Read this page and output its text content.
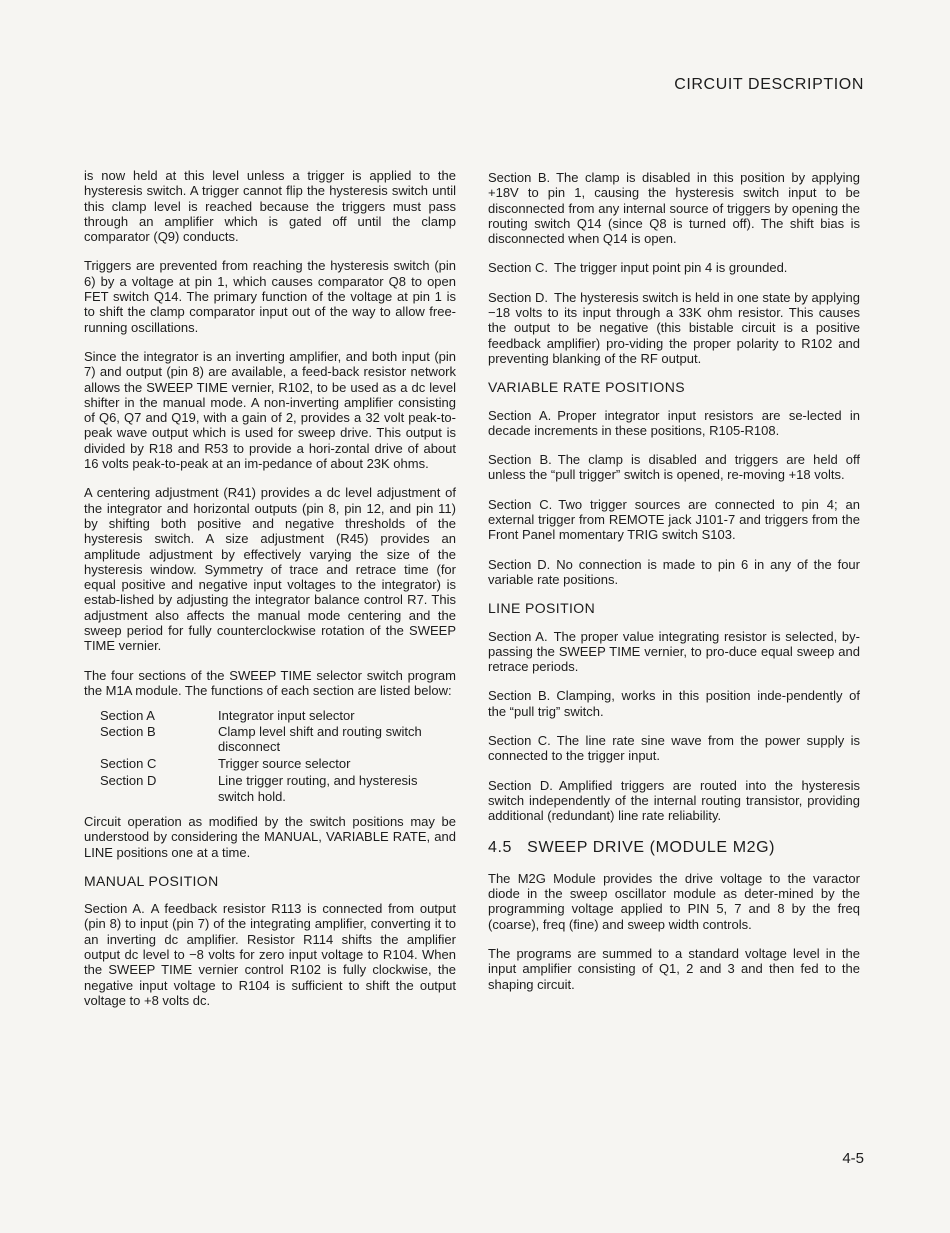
CIRCUIT DESCRIPTION

is now held at this level unless a trigger is applied to the hysteresis switch. A trigger cannot flip the hysteresis switch until this clamp level is reached because the triggers must pass through an amplifier which is gated off until the clamp comparator (Q9) conducts.

Triggers are prevented from reaching the hysteresis switch (pin 6) by a voltage at pin 1, which causes comparator Q8 to open FET switch Q14. The primary function of the voltage at pin 1 is to shift the clamp comparator input out of the way to allow free-running oscillations.

Since the integrator is an inverting amplifier, and both input (pin 7) and output (pin 8) are available, a feed-back resistor network allows the SWEEP TIME vernier, R102, to be used as a dc level shifter in the manual mode. A non-inverting amplifier consisting of Q6, Q7 and Q19, with a gain of 2, provides a 32 volt peak-to-peak wave output which is used for sweep drive. This output is divided by R18 and R53 to provide a hori-zontal drive of about 16 volts peak-to-peak at an im-pedance of about 23K ohms.

A centering adjustment (R41) provides a dc level adjustment of the integrator and horizontal outputs (pin 8, pin 12, and pin 11) by shifting both positive and negative thresholds of the hysteresis switch. A size adjustment (R45) provides an amplitude adjustment by effectively varying the size of the hysteresis window. Symmetry of trace and retrace time (for equal positive and negative input voltages to the integrator) is estab-lished by adjusting the integrator balance control R7. This adjustment also affects the manual mode centering and the sweep period for fully counterclockwise rotation of the SWEEP TIME vernier.

The four sections of the SWEEP TIME selector switch program the M1A module. The functions of each section are listed below:

Section A	Integrator input selector
Section B	Clamp level shift and routing switch disconnect
Section C	Trigger source selector
Section D	Line trigger routing, and hysteresis switch hold.

Circuit operation as modified by the switch positions may be understood by considering the MANUAL, VARIABLE RATE, and LINE positions one at a time.

MANUAL POSITION

Section A. A feedback resistor R113 is connected from output (pin 8) to input (pin 7) of the integrating amplifier, converting it to an inverting dc amplifier. Resistor R114 shifts the amplifier output dc level to −8 volts for zero input voltage to R104. When the SWEEP TIME vernier control R102 is fully clockwise, the negative input voltage to R104 is sufficient to shift the output voltage to +8 volts dc.

Section B. The clamp is disabled in this position by applying +18V to pin 1, causing the hysteresis switch input to be disconnected from any internal source of triggers by opening the routing switch Q14 (since Q8 is turned off). The shift bias is disconnected when Q14 is open.

Section C. The trigger input point pin 4 is grounded.

Section D. The hysteresis switch is held in one state by applying −18 volts to its input through a 33K ohm resistor. This causes the output to be negative (this bistable circuit is a positive feedback amplifier) pro-viding the proper polarity to R102 and preventing blanking of the RF output.

VARIABLE RATE POSITIONS

Section A. Proper integrator input resistors are se-lected in decade increments in these positions, R105-R108.

Section B. The clamp is disabled and triggers are held off unless the “pull trigger” switch is opened, re-moving +18 volts.

Section C. Two trigger sources are connected to pin 4; an external trigger from REMOTE jack J101-7 and triggers from the Front Panel momentary TRIG switch S103.

Section D. No connection is made to pin 6 in any of the four variable rate positions.

LINE POSITION

Section A. The proper value integrating resistor is selected, by-passing the SWEEP TIME vernier, to pro-duce equal sweep and retrace periods.

Section B. Clamping, works in this position inde-pendently of the “pull trig” switch.

Section C. The line rate sine wave from the power supply is connected to the trigger input.

Section D. Amplified triggers are routed into the hysteresis switch independently of the internal routing transistor, providing additional (redundant) line rate reliability.

4.5   SWEEP DRIVE (MODULE M2G)

The M2G Module provides the drive voltage to the varactor diode in the sweep oscillator module as deter-mined by the programming voltage applied to PIN 5, 7 and 8 by the freq (coarse), freq (fine) and sweep width controls.

The programs are summed to a standard voltage level in the input amplifier consisting of Q1, 2 and 3 and then fed to the shaping circuit.

4-5
